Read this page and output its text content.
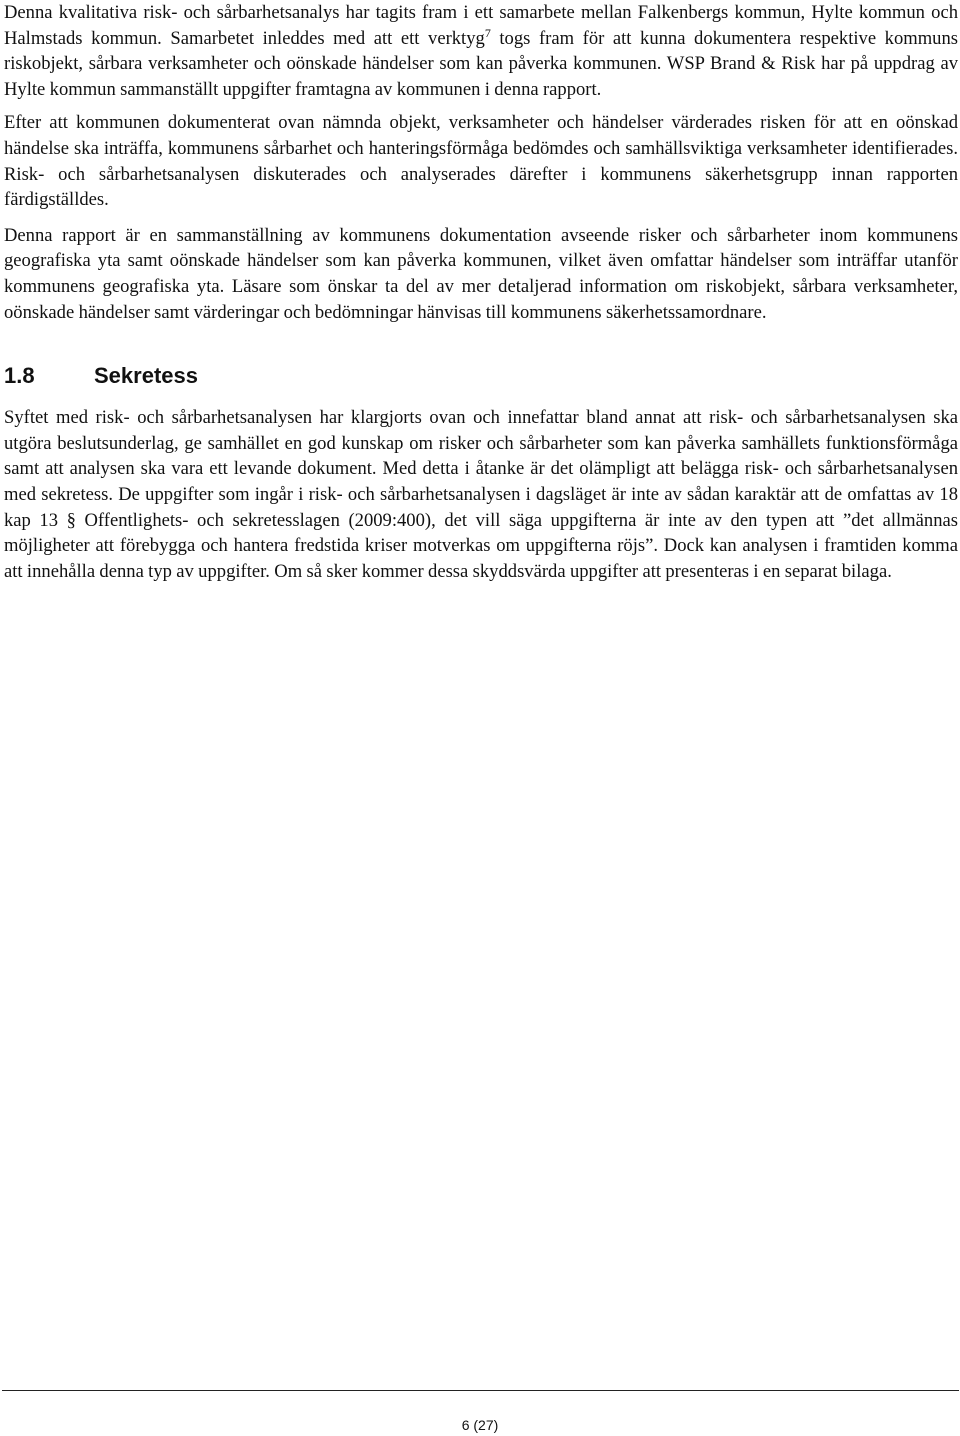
Denna kvalitativa risk- och sårbarhetsanalys har tagits fram i ett samarbete mellan Falkenbergs kommun, Hylte kommun och Halmstads kommun. Samarbetet inleddes med att ett verktyg$^7$ togs fram för att kunna dokumentera respektive kommuns riskobjekt, sårbara verksamheter och oönskade händelser som kan påverka kommunen. WSP Brand & Risk har på uppdrag av Hylte kommun sammanställt uppgifter framtagna av kommunen i denna rapport.

Efter att kommunen dokumenterat ovan nämnda objekt, verksamheter och händelser värderades risken för att en oönskad händelse ska inträffa, kommunens sårbarhet och hanteringsförmåga bedömdes och samhällsviktiga verksamheter identifierades. Risk- och sårbarhetsanalysen diskuterades och analyserades därefter i kommunens säkerhetsgrupp innan rapporten färdigställdes.

Denna rapport är en sammanställning av kommunens dokumentation avseende risker och sårbarheter inom kommunens geografiska yta samt oönskade händelser som kan påverka kommunen, vilket även omfattar händelser som inträffar utanför kommunens geografiska yta. Läsare som önskar ta del av mer detaljerad information om riskobjekt, sårbara verksamheter, oönskade händelser samt värderingar och bedömningar hänvisas till kommunens säkerhetssamordnare.

1.8	Sekretess

Syftet med risk- och sårbarhetsanalysen har klargjorts ovan och innefattar bland annat att risk- och sårbarhetsanalysen ska utgöra beslutsunderlag, ge samhället en god kunskap om risker och sårbarheter som kan påverka samhällets funktionsförmåga samt att analysen ska vara ett levande dokument. Med detta i åtanke är det olämpligt att belägga risk- och sårbarhetsanalysen med sekretess. De uppgifter som ingår i risk- och sårbarhetsanalysen i dagsläget är inte av sådan karaktär att de omfattas av 18 kap 13 § Offentlighets- och sekretesslagen (2009:400), det vill säga uppgifterna är inte av den typen att ”det allmännas möjligheter att förebygga och hantera fredstida kriser motverkas om uppgifterna röjs”. Dock kan analysen i framtiden komma att innehålla denna typ av uppgifter. Om så sker kommer dessa skyddsvärda uppgifter att presenteras i en separat bilaga.

6 (27)
